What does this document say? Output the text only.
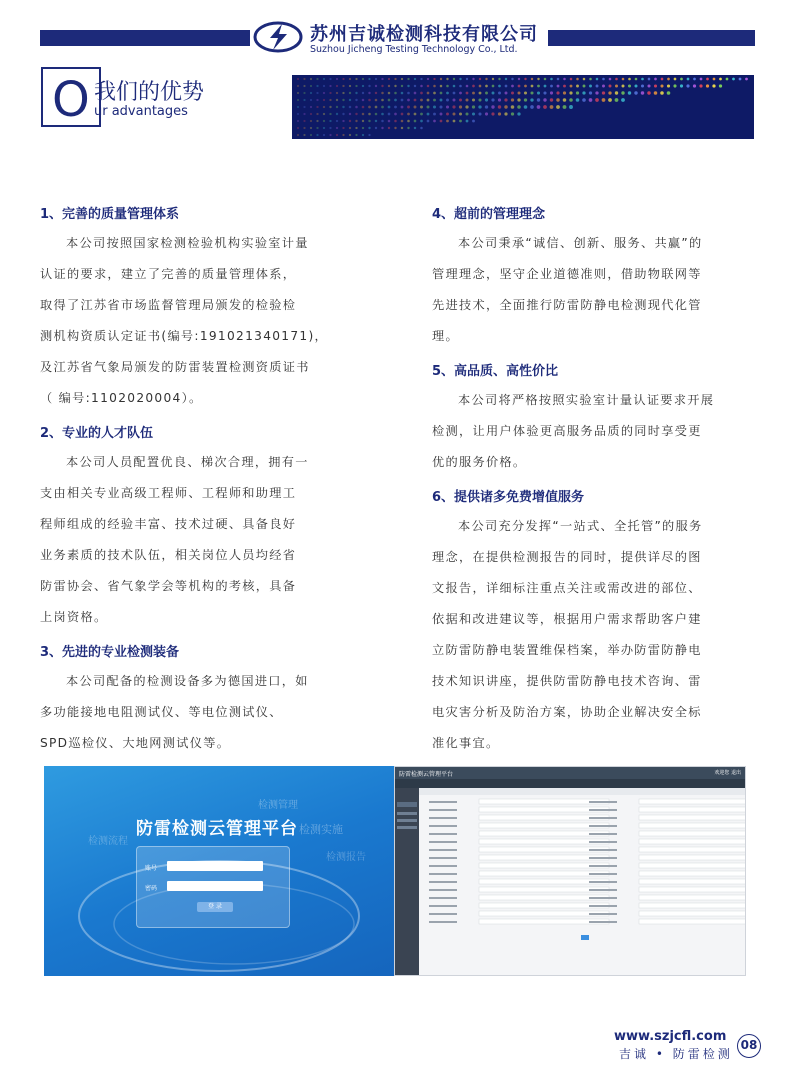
苏州吉诚检测科技有限公司
Suzhou Jicheng Testing Technology Co., Ltd.
O 我们的优势
ur advantages
1、完善的质量管理体系
本公司按照国家检测检验机构实验室计量
认证的要求，建立了完善的质量管理体系，
取得了江苏省市场监督管理局颁发的检验检
测机构资质认定证书(编号:191021340171)，
及江苏省气象局颁发的防雷装置检测资质证书
（ 编号:1102020004）。
2、专业的人才队伍
本公司人员配置优良、梯次合理，拥有一
支由相关专业高级工程师、工程师和助理工
程师组成的经验丰富、技术过硬、具备良好
业务素质的技术队伍，相关岗位人员均经省
防雷协会、省气象学会等机构的考核，具备
上岗资格。
3、先进的专业检测装备
本公司配备的检测设备多为德国进口，如
多功能接地电阻测试仪、等电位测试仪、
SPD巡检仪、大地网测试仪等。
4、超前的管理理念
本公司秉承“诚信、创新、服务、共赢”的
管理理念，坚守企业道德准则，借助物联网等
先进技术，全面推行防雷防静电检测现代化管
理。
5、高品质、高性价比
本公司将严格按照实验室计量认证要求开展
检测，让用户体验更高服务品质的同时享受更
优的服务价格。
6、提供诸多免费增值服务
本公司充分发挥“一站式、全托管”的服务
理念，在提供检测报告的同时，提供详尽的图
文报告，详细标注重点关注或需改进的部位、
依据和改进建议等，根据用户需求帮助客户建
立防雷防静电装置维保档案，举办防雷防静电
技术知识讲座，提供防雷防静电技术咨询、雷
电灾害分析及防治方案，协助企业解决安全标
准化事宜。
检测管理
检测实施
检测流程
检测报告
防雷检测云管理平台
账号
密码
登 录
防雷检测云管理平台	欢迎您 退出
www.szjcfl.com
吉诚 • 防雷检测
08
